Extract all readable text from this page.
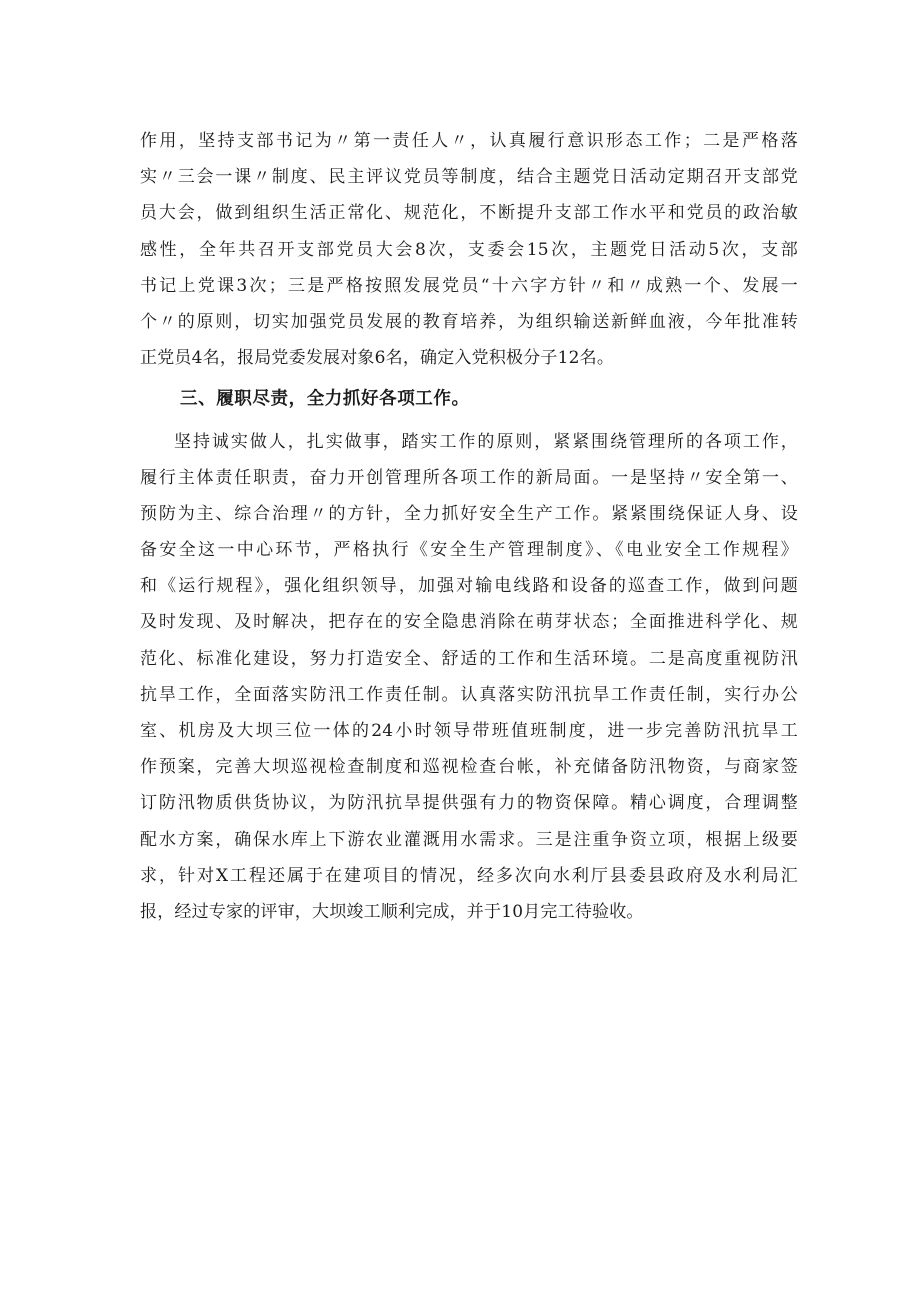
作用，坚持支部书记为〃第一责任人〃，认真履行意识形态工作；二是严格落
实〃三会一课〃制度、民主评议党员等制度，结合主题党日活动定期召开支部党
员大会，做到组织生活正常化、规范化，不断提升支部工作水平和党员的政治敏
感性，全年共召开支部党员大会8次，支委会15次，主题党日活动5次，支部
书记上党课3次；三是严格按照发展党员“十六字方针〃和〃成熟一个、发展一
个〃的原则，切实加强党员发展的教育培养，为组织输送新鲜血液，今年批准转
正党员4名，报局党委发展对象6名，确定入党积极分子12名。
三、履职尽责，全力抓好各项工作。
坚持诚实做人，扎实做事，踏实工作的原则，紧紧围绕管理所的各项工作，
履行主体责任职责，奋力开创管理所各项工作的新局面。一是坚持〃安全第一、
预防为主、综合治理〃的方针，全力抓好安全生产工作。紧紧围绕保证人身、设
备安全这一中心环节，严格执行《安全生产管理制度》、《电业安全工作规程》
和《运行规程》，强化组织领导，加强对输电线路和设备的巡查工作，做到问题
及时发现、及时解决，把存在的安全隐患消除在萌芽状态；全面推进科学化、规
范化、标准化建设，努力打造安全、舒适的工作和生活环境。二是高度重视防汛
抗旱工作，全面落实防汛工作责任制。认真落实防汛抗旱工作责任制，实行办公
室、机房及大坝三位一体的24小时领导带班值班制度，进一步完善防汛抗旱工
作预案，完善大坝巡视检查制度和巡视检查台帐，补充储备防汛物资，与商家签
订防汛物质供货协议，为防汛抗旱提供强有力的物资保障。精心调度，合理调整
配水方案，确保水库上下游农业灌溉用水需求。三是注重争资立项，根据上级要
求，针对X工程还属于在建项目的情况，经多次向水利厅县委县政府及水利局汇
报，经过专家的评审，大坝竣工顺利完成，并于10月完工待验收。
